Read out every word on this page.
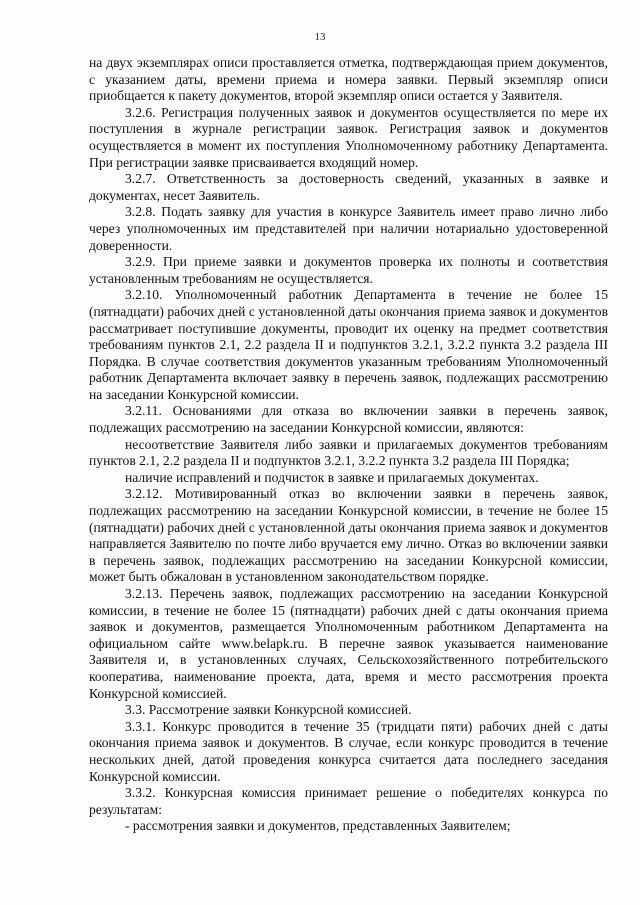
13

на двух экземплярах описи проставляется отметка, подтверждающая прием документов, с указанием даты, времени приема и номера заявки. Первый экземпляр описи приобщается к пакету документов, второй экземпляр описи остается у Заявителя.

3.2.6. Регистрация полученных заявок и документов осуществляется по мере их поступления в журнале регистрации заявок. Регистрация заявок и документов осуществляется в момент их поступления Уполномоченному работнику Департамента. При регистрации заявке присваивается входящий номер.

3.2.7. Ответственность за достоверность сведений, указанных в заявке и документах, несет Заявитель.

3.2.8. Подать заявку для участия в конкурсе Заявитель имеет право лично либо через уполномоченных им представителей при наличии нотариально удостоверенной доверенности.

3.2.9. При приеме заявки и документов проверка их полноты и соответствия установленным требованиям не осуществляется.

3.2.10. Уполномоченный работник Департамента в течение не более 15 (пятнадцати) рабочих дней с установленной даты окончания приема заявок и документов рассматривает поступившие документы, проводит их оценку на предмет соответствия требованиям пунктов 2.1, 2.2 раздела II и подпунктов 3.2.1, 3.2.2 пункта 3.2 раздела III Порядка. В случае соответствия документов указанным требованиям Уполномоченный работник Департамента включает заявку в перечень заявок, подлежащих рассмотрению на заседании Конкурсной комиссии.

3.2.11. Основаниями для отказа во включении заявки в перечень заявок, подлежащих рассмотрению на заседании Конкурсной комиссии, являются:

несоответствие Заявителя либо заявки и прилагаемых документов требованиям пунктов 2.1, 2.2 раздела II и подпунктов 3.2.1, 3.2.2 пункта 3.2 раздела III Порядка;

наличие исправлений и подчисток в заявке и прилагаемых документах.

3.2.12. Мотивированный отказ во включении заявки в перечень заявок, подлежащих рассмотрению на заседании Конкурсной комиссии, в течение не более 15 (пятнадцати) рабочих дней с установленной даты окончания приема заявок и документов направляется Заявителю по почте либо вручается ему лично. Отказ во включении заявки в перечень заявок, подлежащих рассмотрению на заседании Конкурсной комиссии, может быть обжалован в установленном законодательством порядке.

3.2.13. Перечень заявок, подлежащих рассмотрению на заседании Конкурсной комиссии, в течение не более 15 (пятнадцати) рабочих дней с даты окончания приема заявок и документов, размещается Уполномоченным работником Департамента на официальном сайте www.belapk.ru. В перечне заявок указывается наименование Заявителя и, в установленных случаях, Сельскохозяйственного потребительского кооператива, наименование проекта, дата, время и место рассмотрения проекта Конкурсной комиссией.

3.3. Рассмотрение заявки Конкурсной комиссией.

3.3.1. Конкурс проводится в течение 35 (тридцати пяти) рабочих дней с даты окончания приема заявок и документов. В случае, если конкурс проводится в течение нескольких дней, датой проведения конкурса считается дата последнего заседания Конкурсной комиссии.

3.3.2. Конкурсная комиссия принимает решение о победителях конкурса по результатам:

- рассмотрения заявки и документов, представленных Заявителем;
